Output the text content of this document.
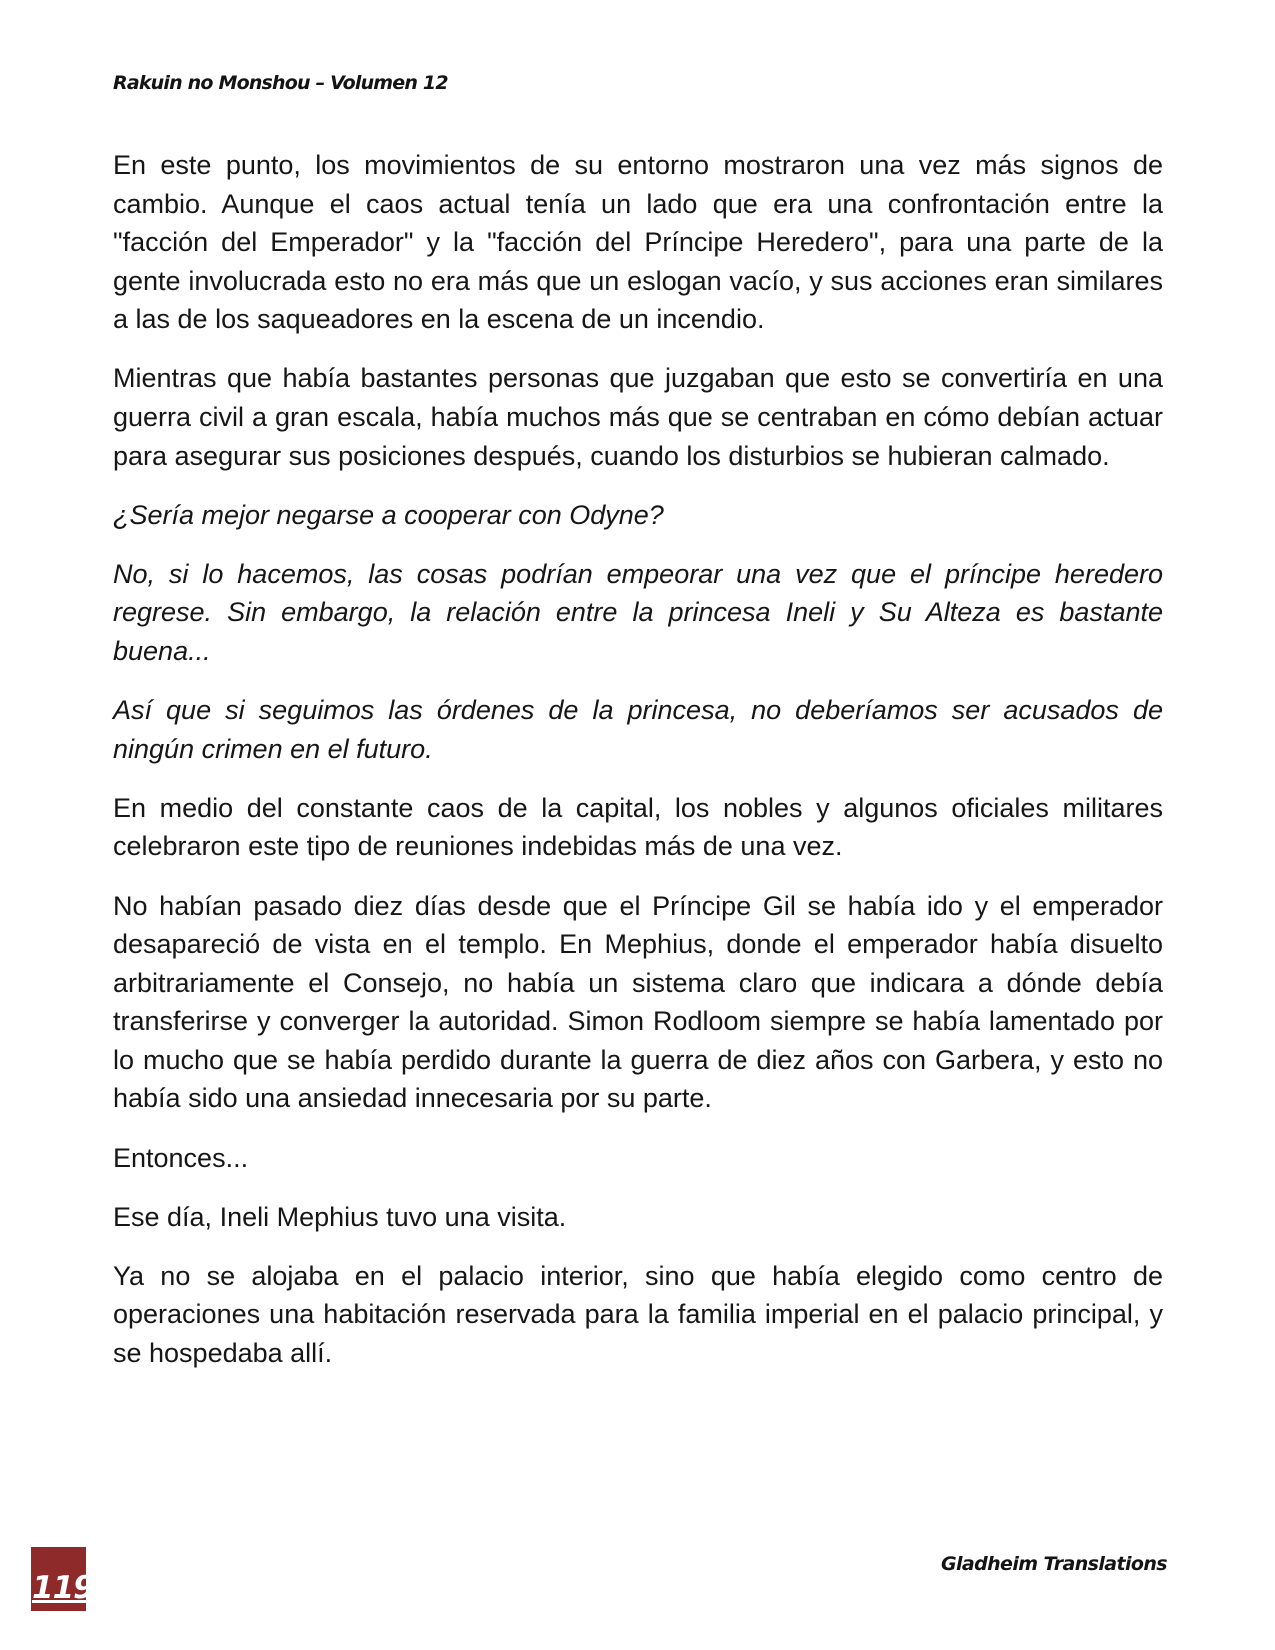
Rakuin no Monshou – Volumen 12

En este punto, los movimientos de su entorno mostraron una vez más signos de cambio. Aunque el caos actual tenía un lado que era una confrontación entre la "facción del Emperador" y la "facción del Príncipe Heredero", para una parte de la gente involucrada esto no era más que un eslogan vacío, y sus acciones eran similares a las de los saqueadores en la escena de un incendio.

Mientras que había bastantes personas que juzgaban que esto se convertiría en una guerra civil a gran escala, había muchos más que se centraban en cómo debían actuar para asegurar sus posiciones después, cuando los disturbios se hubieran calmado.

¿Sería mejor negarse a cooperar con Odyne?

No, si lo hacemos, las cosas podrían empeorar una vez que el príncipe heredero regrese. Sin embargo, la relación entre la princesa Ineli y Su Alteza es bastante buena...

Así que si seguimos las órdenes de la princesa, no deberíamos ser acusados de ningún crimen en el futuro.

En medio del constante caos de la capital, los nobles y algunos oficiales militares celebraron este tipo de reuniones indebidas más de una vez.

No habían pasado diez días desde que el Príncipe Gil se había ido y el emperador desapareció de vista en el templo. En Mephius, donde el emperador había disuelto arbitrariamente el Consejo, no había un sistema claro que indicara a dónde debía transferirse y converger la autoridad. Simon Rodloom siempre se había lamentado por lo mucho que se había perdido durante la guerra de diez años con Garbera, y esto no había sido una ansiedad innecesaria por su parte.

Entonces...

Ese día, Ineli Mephius tuvo una visita.

Ya no se alojaba en el palacio interior, sino que había elegido como centro de operaciones una habitación reservada para la familia imperial en el palacio principal, y se hospedaba allí.

119
Gladheim Translations
